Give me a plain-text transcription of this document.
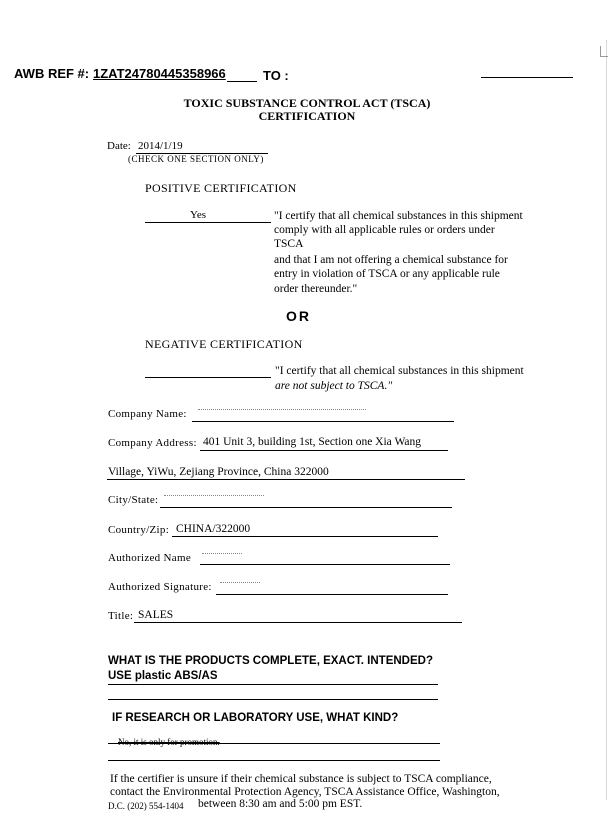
AWB REF #: 1ZAT24780445358966	TO :
TOXIC SUBSTANCE CONTROL ACT (TSCA)
CERTIFICATION
Date: 2014/1/19
(CHECK ONE SECTION ONLY)
POSITIVE CERTIFICATION
Yes	"I certify that all chemical substances in this shipment
comply with all applicable rules or orders under
TSCA
and that I am not offering a chemical substance for
entry in violation of TSCA or any applicable rule
order thereunder."
OR
NEGATIVE CERTIFICATION
"I certify that all chemical substances in this shipment
are not subject to TSCA."
Company Name:
Company Address: 401 Unit 3, building 1st, Section one Xia Wang
Village, YiWu, Zejiang Province, China 322000
City/State:
Country/Zip: CHINA/322000
Authorized Name
Authorized Signature:
Title: SALES
WHAT IS THE PRODUCTS COMPLETE, EXACT. INTENDED?
USE plastic ABS/AS
IF RESEARCH OR LABORATORY USE, WHAT KIND?
No, it is only for promotion.
If the certifier is unsure if their chemical substance is subject to TSCA compliance,
contact the Environmental Protection Agency, TSCA Assistance Office, Washington,
D.C. (202) 554-1404 between 8:30 am and 5:00 pm EST.
